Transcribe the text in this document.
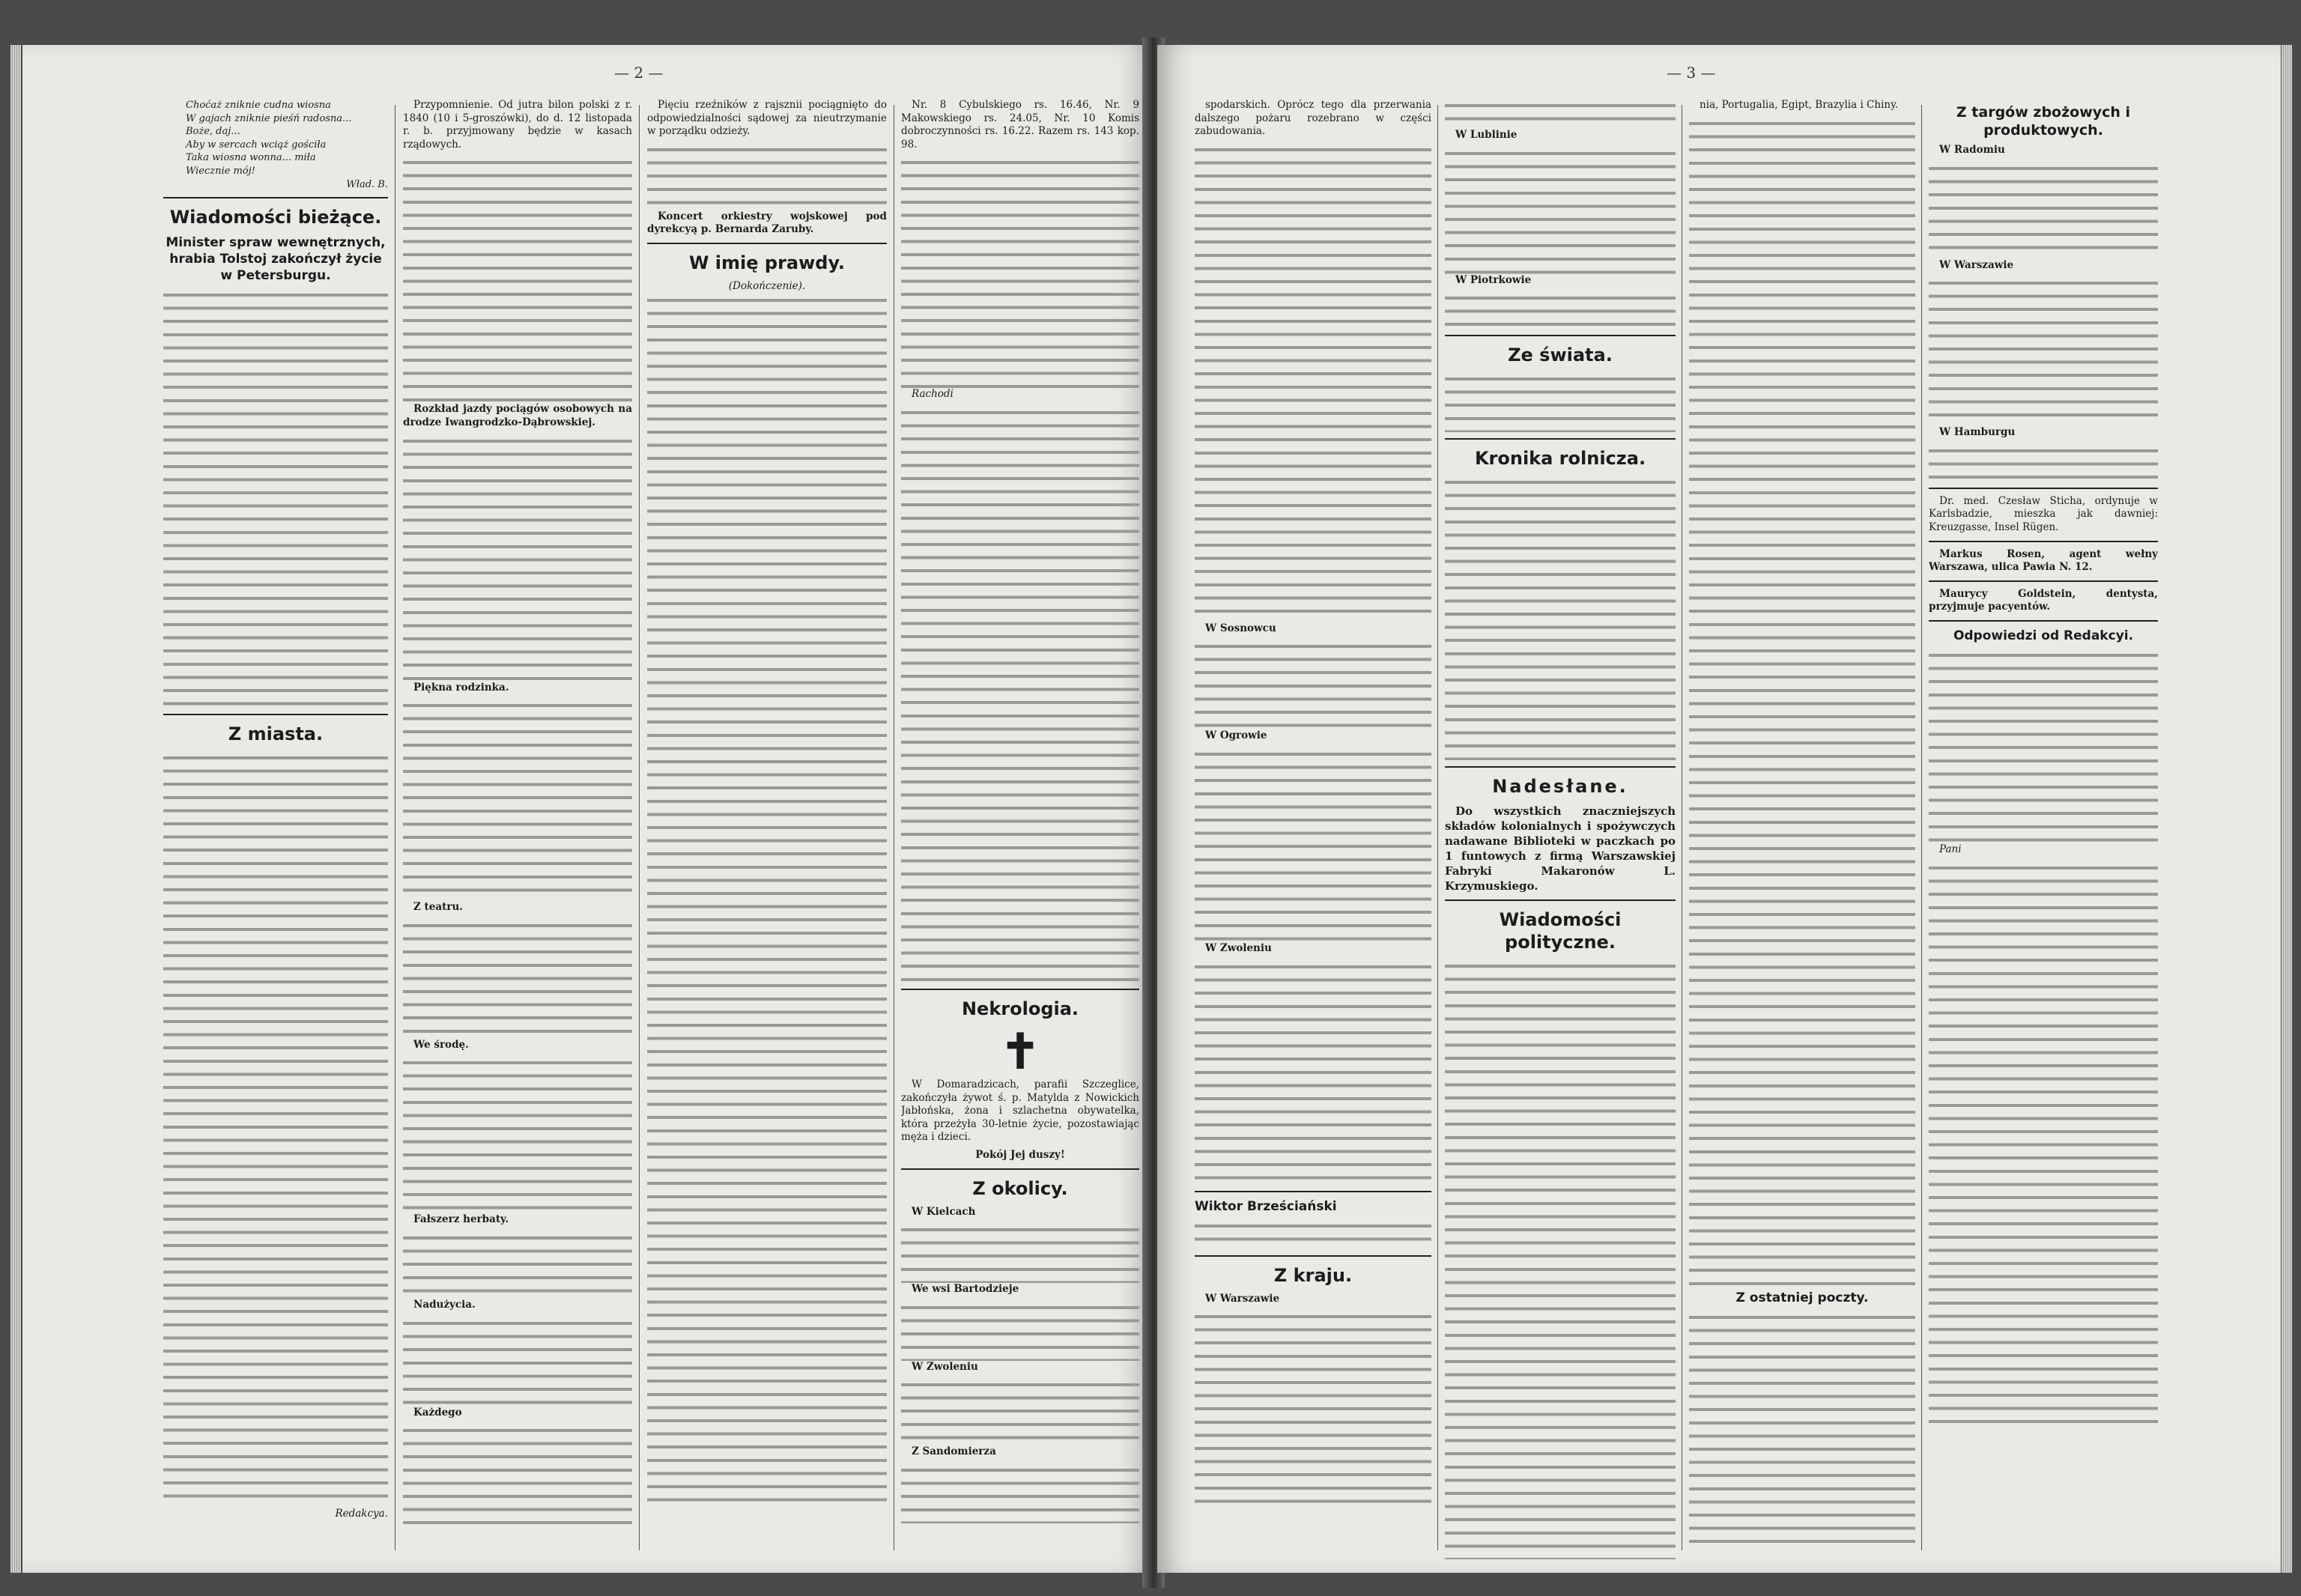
— 2 —
Choćaż zniknie cudna wiosna
W gajach zniknie pieśń radosna...
Boże, daj...
Aby w sercach wciąż gościła
Taka wiosna wonna... miła
Wiecznie mój!
Wład. B.
Wiadomości bieżące.
Minister spraw wewnętrznych, hrabia Tolstoj zakończył życie w Petersburgu.
Z miasta.
Redakcya.

Przypomnienie. Od jutra bilon polski z r. 1840 (10 i 5-groszówki), do d. 12 listopada r. b. przyjmowany będzie w kasach rządowych.

Rozkład jazdy pociągów osobowych na drodze Iwangrodzko-Dąbrowskiej.

Piękna rodzinka.

Z teatru.

We środę.

Fałszerz herbaty.

Nadużycia.

Każdego

Pięciu rzeźników z rajsznii pociągnięto do odpowiedzialności sądowej za nieutrzymanie w porządku odzieży.

Koncert orkiestry wojskowej pod dyrekcyą p. Bernarda Zaruby.

W imię prawdy.
(Dokończenie).

Nr. 8 Cybulskiego rs. 16.46, Nr. 9 Makowskiego rs. 24.05, Nr. 10 Komis dobroczynności rs. 16.22. Razem rs. 143 kop. 98.

Rachodi

Nekrologia.
✝

W Domaradzicach, parafii Szczeglice, zakończyła żywot ś. p. Matylda z Nowickich Jabłońska, żona i szlachetna obywatelka, która przeżyła 30-letnie życie, pozostawiając męża i dzieci.

Pokój Jej duszy!
Z okolicy.

W Kielcach

We wsi Bartodzieje

W Zwoleniu

Z Sandomierza

— 3 —

spodarskich. Oprócz tego dla przerwania dalszego pożaru rozebrano w części zabudowania.

W Sosnowcu

W Ogrowie

W Zwoleniu

Wiktor Brześciański
Z kraju.

W Warszawie

W Lublinie

W Piotrkowie

Ze świata.
Kronika rolnicza.
Nadesłane.

Do wszystkich znaczniejszych składów kolonialnych i spożywczych nadawane Biblioteki w paczkach po 1 funtowych z firmą Warszawskiej Fabryki Makaronów L. Krzymuskiego.

Wiadomości polityczne.

nia, Portugalia, Egipt, Brazylia i Chiny.

Z ostatniej poczty.
Z targów zbożowych i produktowych.

W Radomiu

W Warszawie

W Hamburgu

Dr. med. Czesław Sticha, ordynuje w Karlsbadzie, mieszka jak dawniej: Kreuzgasse, Insel Rügen.

Markus Rosen, agent wełny Warszawa, ulica Pawia N. 12.

Maurycy Goldstein, dentysta, przyjmuje pacyentów.

Odpowiedzi od Redakcyi.

Pani
